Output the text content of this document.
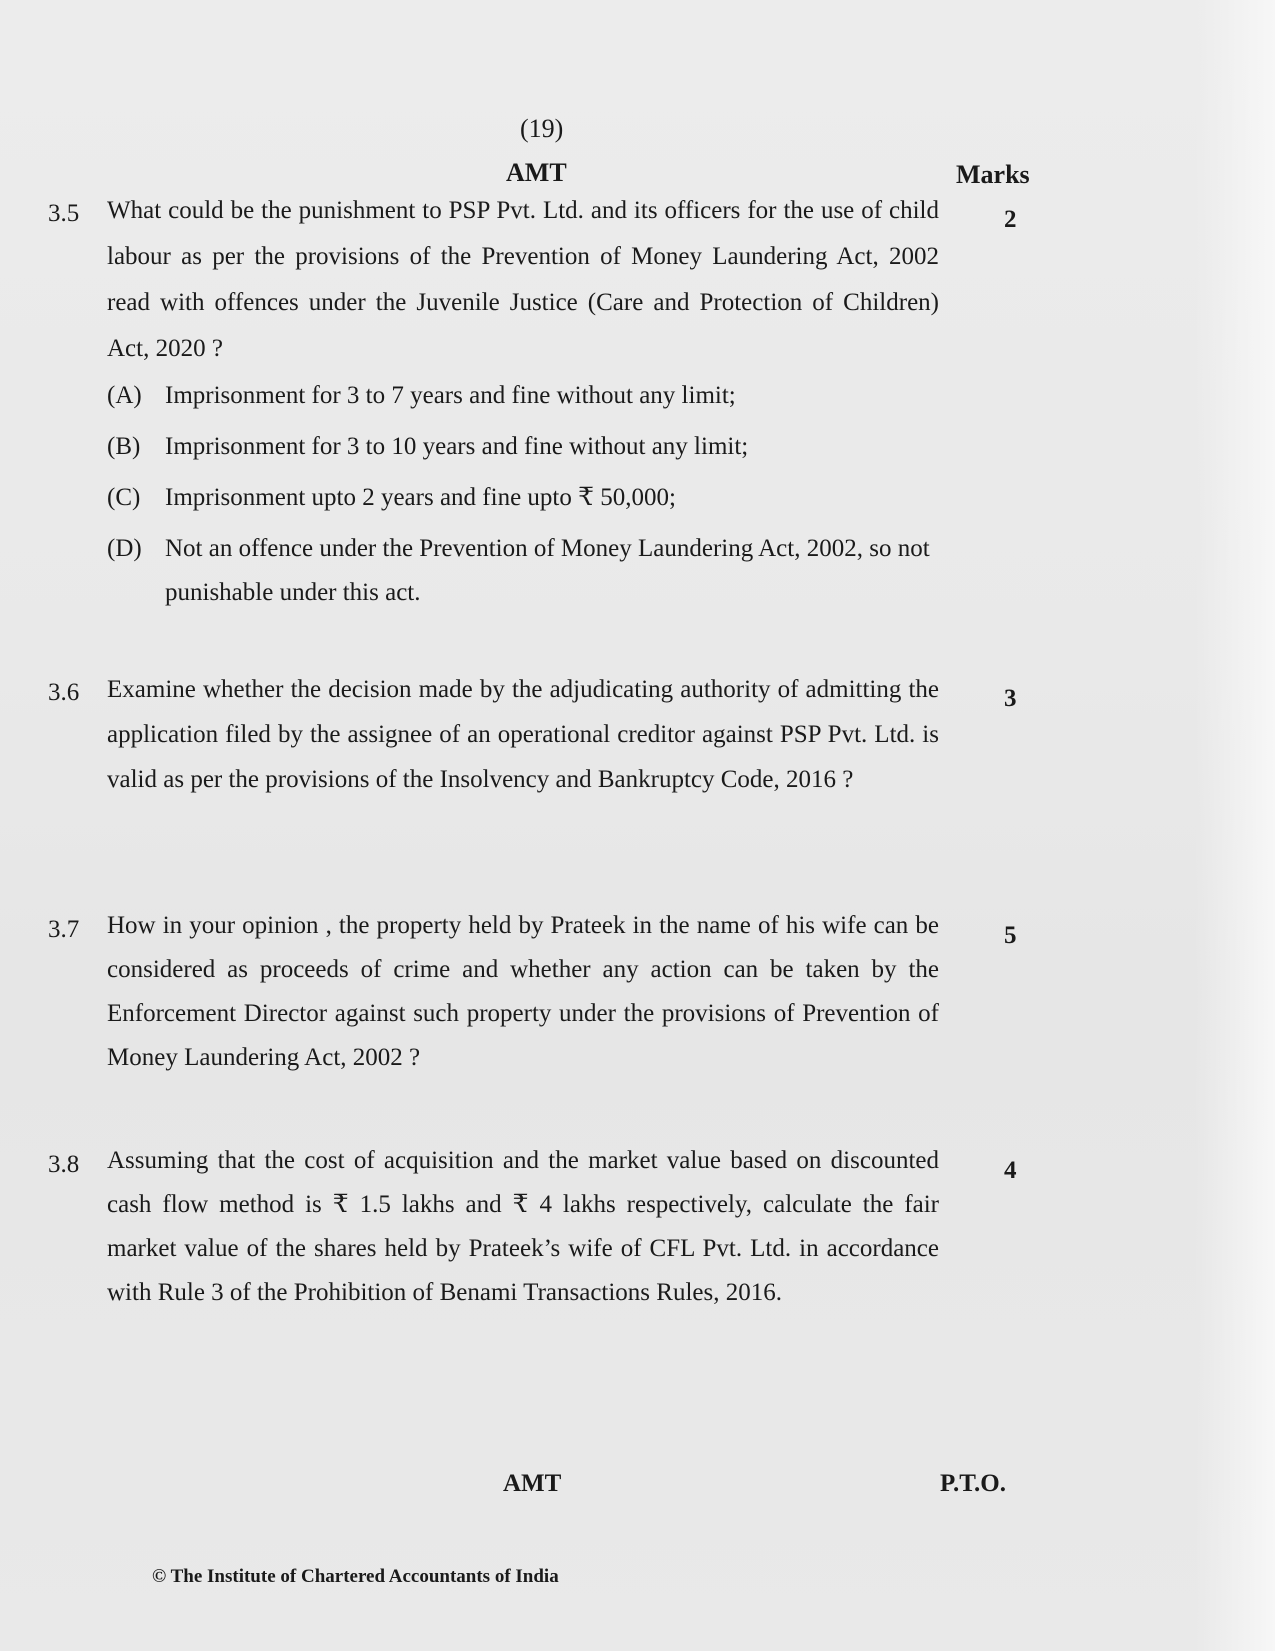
(19)
AMT	Marks
3.5 What could be the punishment to PSP Pvt. Ltd. and its officers for the use of child labour as per the provisions of the Prevention of Money Laundering Act, 2002 read with offences under the Juvenile Justice (Care and Protection of Children) Act, 2020 ?
2
(A) Imprisonment for 3 to 7 years and fine without any limit;
(B) Imprisonment for 3 to 10 years and fine without any limit;
(C) Imprisonment upto 2 years and fine upto ₹ 50,000;
(D) Not an offence under the Prevention of Money Laundering Act, 2002, so not punishable under this act.
3.6 Examine whether the decision made by the adjudicating authority of admitting the application filed by the assignee of an operational creditor against PSP Pvt. Ltd. is valid as per the provisions of the Insolvency and Bankruptcy Code, 2016 ?
3
3.7 How in your opinion , the property held by Prateek in the name of his wife can be considered as proceeds of crime and whether any action can be taken by the Enforcement Director against such property under the provisions of Prevention of Money Laundering Act, 2002 ?
5
3.8 Assuming that the cost of acquisition and the market value based on discounted cash flow method is ₹ 1.5 lakhs and ₹ 4 lakhs respectively, calculate the fair market value of the shares held by Prateek’s wife of CFL Pvt. Ltd. in accordance with Rule 3 of the Prohibition of Benami Transactions Rules, 2016.
4
AMT	P.T.O.
© The Institute of Chartered Accountants of India
